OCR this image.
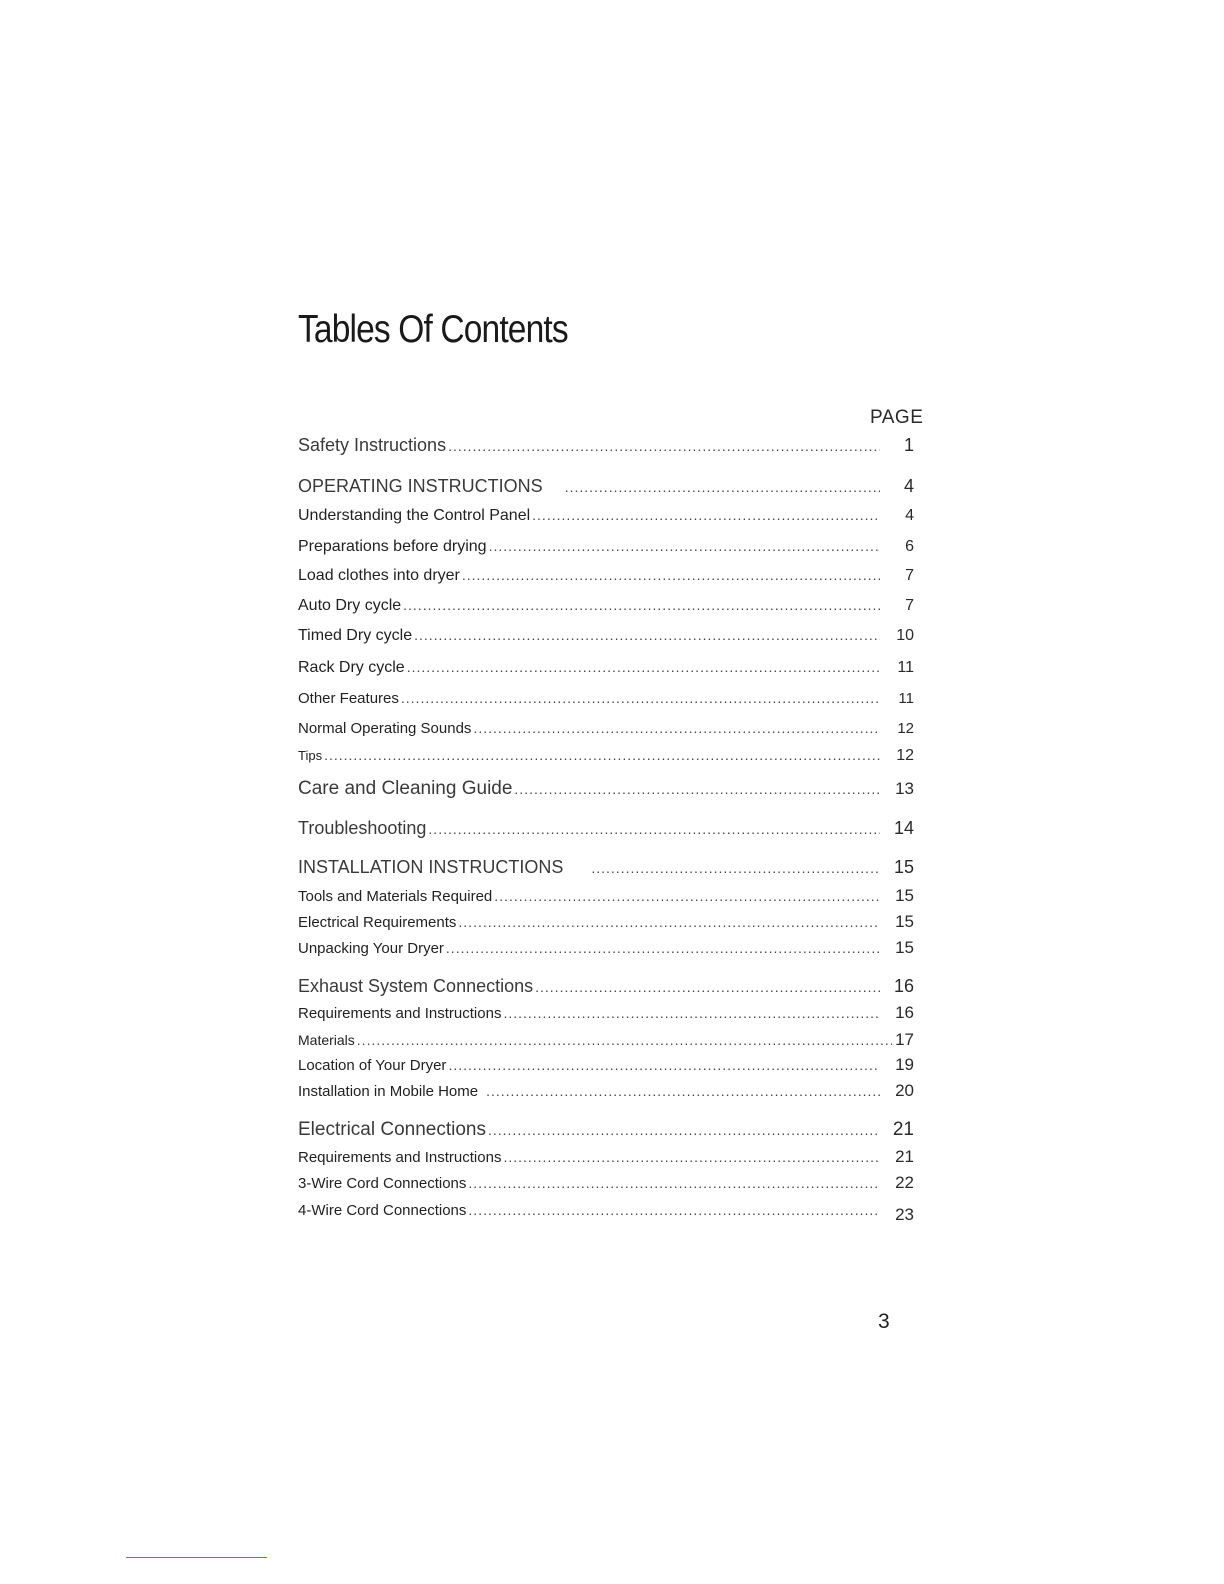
Tables Of Contents
PAGE
Safety Instructions .....	1
OPERATING INSTRUCTIONS .....	4
Understanding the Control Panel .....	4
Preparations before drying .....	6
Load clothes into dryer .....	7
Auto Dry cycle .....	7
Timed Dry cycle .....	10
Rack Dry cycle .....	11
Other Features .....	11
Normal Operating Sounds .....	12
Tips .....	12
Care and Cleaning Guide .....	13
Troubleshooting .....	14
INSTALLATION INSTRUCTIONS .....	15
Tools and Materials Required .....	15
Electrical Requirements .....	15
Unpacking Your Dryer .....	15
Exhaust System Connections .....	16
Requirements and Instructions .....	16
Materials .....	17
Location of Your Dryer .....	19
Installation in Mobile Home .....	20
Electrical Connections .....	21
Requirements and Instructions .....	21
3-Wire Cord Connections .....	22
4-Wire Cord Connections .....	23
3
